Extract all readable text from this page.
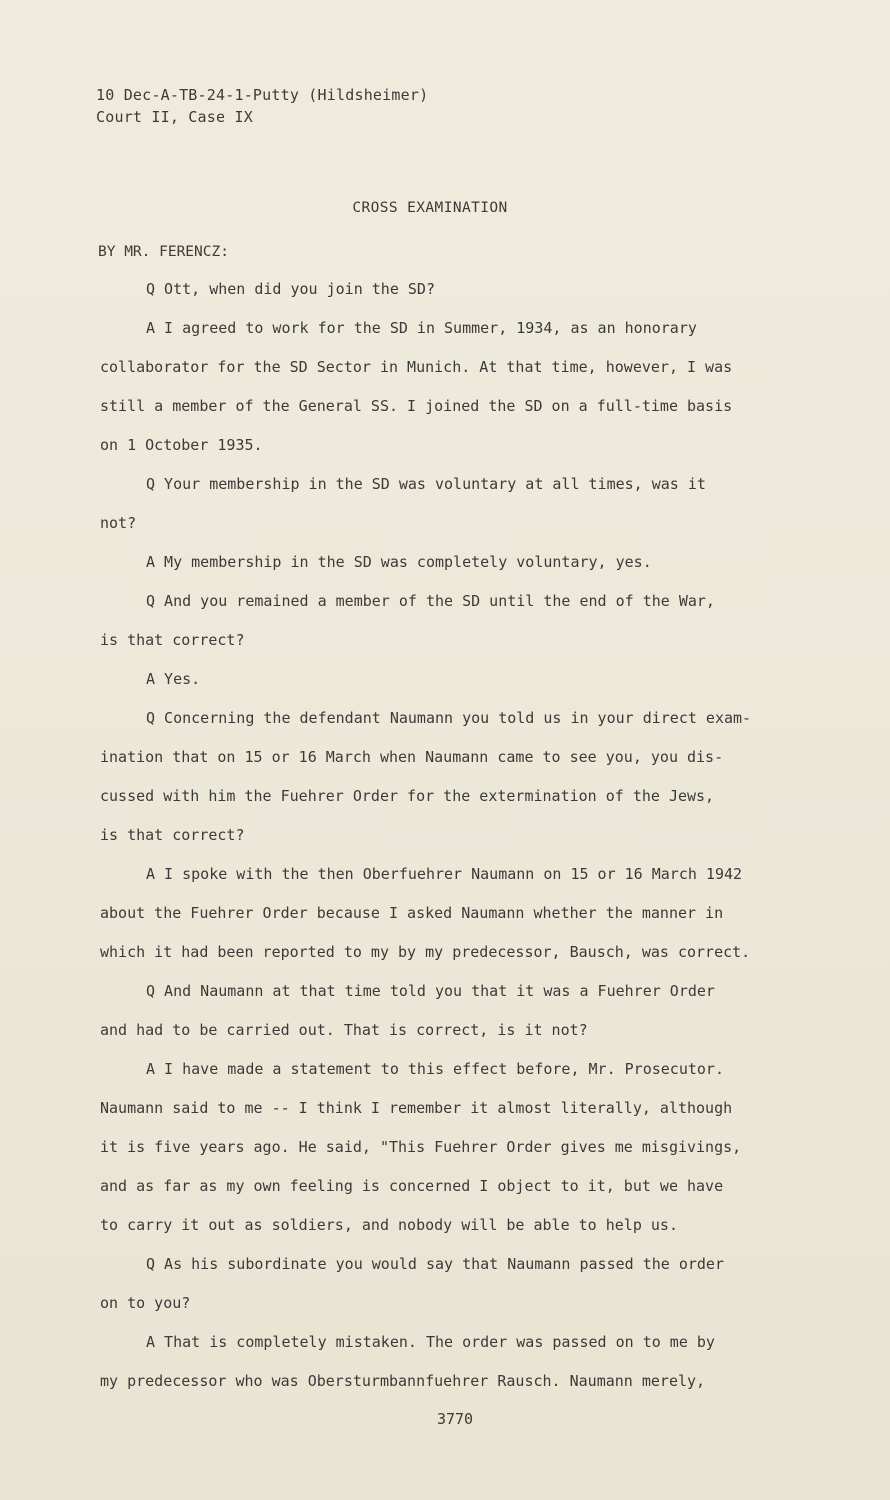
10 Dec-A-TB-24-1-Putty (Hildsheimer)
Court II, Case IX
CROSS EXAMINATION
BY MR. FERENCZ:
Q Ott, when did you join the SD?
A I agreed to work for the SD in Summer, 1934, as an honorary
collaborator for the SD Sector in Munich. At that time, however, I was
still a member of the General SS. I joined the SD on a full-time basis
on 1 October 1935.
Q Your membership in the SD was voluntary at all times, was it
not?
A My membership in the SD was completely voluntary, yes.
Q And you remained a member of the SD until the end of the War,
is that correct?
A Yes.
Q Concerning the defendant Naumann you told us in your direct exam-
ination that on 15 or 16 March when Naumann came to see you, you dis-
cussed with him the Fuehrer Order for the extermination of the Jews,
is that correct?
A I spoke with the then Oberfuehrer Naumann on 15 or 16 March 1942
about the Fuehrer Order because I asked Naumann whether the manner in
which it had been reported to my by my predecessor, Bausch, was correct.
Q And Naumann at that time told you that it was a Fuehrer Order
and had to be carried out. That is correct, is it not?
A I have made a statement to this effect before, Mr. Prosecutor.
Naumann said to me -- I think I remember it almost literally, although
it is five years ago. He said, "This Fuehrer Order gives me misgivings,
and as far as my own feeling is concerned I object to it, but we have
to carry it out as soldiers, and nobody will be able to help us.
Q As his subordinate you would say that Naumann passed the order
on to you?
A That is completely mistaken. The order was passed on to me by
my predecessor who was Obersturmbannfuehrer Rausch. Naumann merely,
3770
